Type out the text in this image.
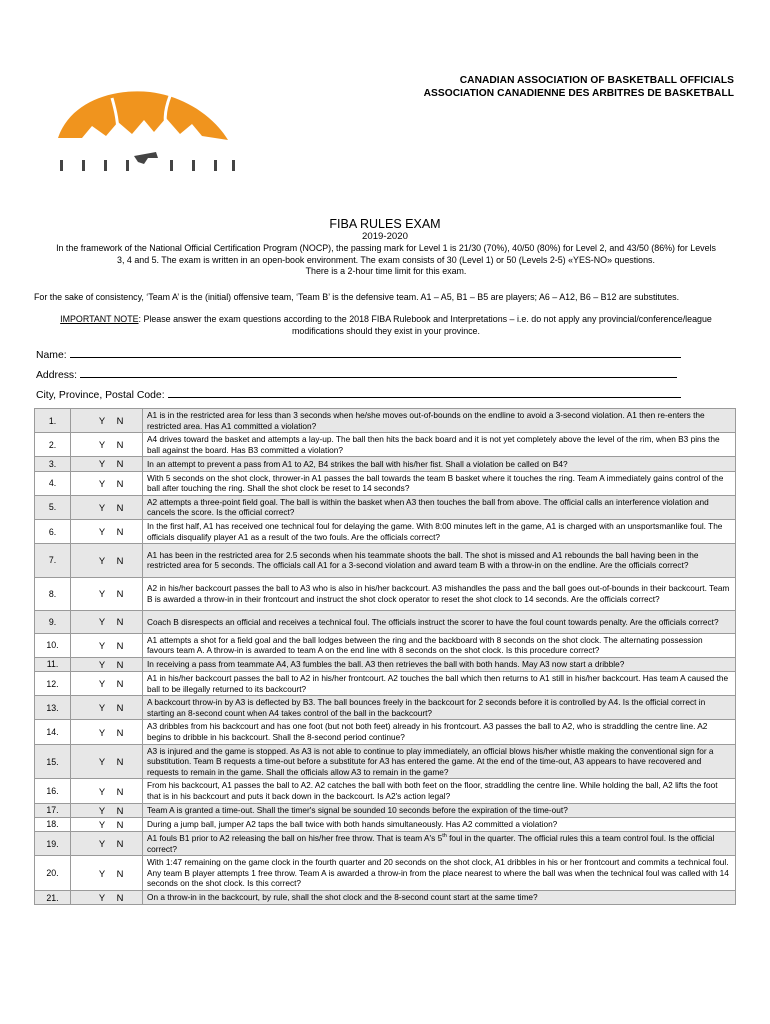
CANADIAN ASSOCIATION OF BASKETBALL OFFICIALS
ASSOCIATION CANADIENNE DES ARBITRES DE BASKETBALL
FIBA RULES EXAM
2019-2020
In the framework of the National Official Certification Program (NOCP), the passing mark for Level 1 is 21/30 (70%), 40/50 (80%) for Level 2, and 43/50 (86%) for Levels
3, 4 and 5. The exam is written in an open-book environment. The exam consists of 30 (Level 1) or 50 (Levels 2-5) «YES-NO» questions.
There is a 2-hour time limit for this exam.
For the sake of consistency, ‘Team A’ is the (initial) offensive team, ‘Team B’ is the defensive team. A1 – A5, B1 – B5 are players; A6 – A12, B6 – B12 are substitutes.
IMPORTANT NOTE: Please answer the exam questions according to the 2018 FIBA Rulebook and Interpretations – i.e. do not apply any provincial/conference/league
modifications should they exist in your province.
Name:
Address:
City, Province, Postal Code:
1.	Y N	A1 is in the restricted area for less than 3 seconds when he/she moves out-of-bounds on the endline to avoid a 3-second violation. A1 then re-enters the restricted area. Has A1 committed a violation?
2.	Y N	A4 drives toward the basket and attempts a lay-up. The ball then hits the back board and it is not yet completely above the level of the rim, when B3 pins the ball against the board. Has B3 committed a violation?
3.	Y N	In an attempt to prevent a pass from A1 to A2, B4 strikes the ball with his/her fist. Shall a violation be called on B4?
4.	Y N	With 5 seconds on the shot clock, thrower-in A1 passes the ball towards the team B basket where it touches the ring. Team A immediately gains control of the ball after touching the ring. Shall the shot clock be reset to 14 seconds?
5.	Y N	A2 attempts a three-point field goal. The ball is within the basket when A3 then touches the ball from above. The official calls an interference violation and cancels the score. Is the official correct?
6.	Y N	In the first half, A1 has received one technical foul for delaying the game. With 8:00 minutes left in the game, A1 is charged with an unsportsmanlike foul. The officials disqualify player A1 as a result of the two fouls. Are the officials correct?
7.	Y N	A1 has been in the restricted area for 2.5 seconds when his teammate shoots the ball. The shot is missed and A1 rebounds the ball having been in the restricted area for 5 seconds. The officials call A1 for a 3-second violation and award team B with a throw-in on the endline. Are the officials correct?
8.	Y N	A2 in his/her backcourt passes the ball to A3 who is also in his/her backcourt. A3 mishandles the pass and the ball goes out-of-bounds in their backcourt. Team B is awarded a throw-in in their frontcourt and instruct the shot clock operator to reset the shot clock to 14 seconds. Are the officials correct?
9.	Y N	Coach B disrespects an official and receives a technical foul. The officials instruct the scorer to have the foul count towards penalty. Are the officials correct?
10.	Y N	A1 attempts a shot for a field goal and the ball lodges between the ring and the backboard with 8 seconds on the shot clock. The alternating possession favours team A. A throw-in is awarded to team A on the end line with 8 seconds on the shot clock. Is this procedure correct?
11.	Y N	In receiving a pass from teammate A4, A3 fumbles the ball. A3 then retrieves the ball with both hands. May A3 now start a dribble?
12.	Y N	A1 in his/her backcourt passes the ball to A2 in his/her frontcourt. A2 touches the ball which then returns to A1 still in his/her backcourt. Has team A caused the ball to be illegally returned to its backcourt?
13.	Y N	A backcourt throw-in by A3 is deflected by B3. The ball bounces freely in the backcourt for 2 seconds before it is controlled by A4. Is the official correct in starting an 8-second count when A4 takes control of the ball in the backcourt?
14.	Y N	A3 dribbles from his backcourt and has one foot (but not both feet) already in his frontcourt. A3 passes the ball to A2, who is straddling the centre line. A2 begins to dribble in his backcourt. Shall the 8-second period continue?
15.	Y N	A3 is injured and the game is stopped. As A3 is not able to continue to play immediately, an official blows his/her whistle making the conventional sign for a substitution. Team B requests a time-out before a substitute for A3 has entered the game. At the end of the time-out, A3 appears to have recovered and requests to remain in the game. Shall the officials allow A3 to remain in the game?
16.	Y N	From his backcourt, A1 passes the ball to A2. A2 catches the ball with both feet on the floor, straddling the centre line. While holding the ball, A2 lifts the foot that is in his backcourt and puts it back down in the backcourt. Is A2's action legal?
17.	Y N	Team A is granted a time-out. Shall the timer's signal be sounded 10 seconds before the expiration of the time-out?
18.	Y N	During a jump ball, jumper A2 taps the ball twice with both hands simultaneously. Has A2 committed a violation?
19.	Y N	A1 fouls B1 prior to A2 releasing the ball on his/her free throw. That is team A's 5th foul in the quarter. The official rules this a team control foul. Is the official correct?
20.	Y N	With 1:47 remaining on the game clock in the fourth quarter and 20 seconds on the shot clock, A1 dribbles in his or her frontcourt and commits a technical foul. Any team B player attempts 1 free throw. Team A is awarded a throw-in from the place nearest to where the ball was when the technical foul was called with 14 seconds on the shot clock. Is this correct?
21.	Y N	On a throw-in in the backcourt, by rule, shall the shot clock and the 8-second count start at the same time?
